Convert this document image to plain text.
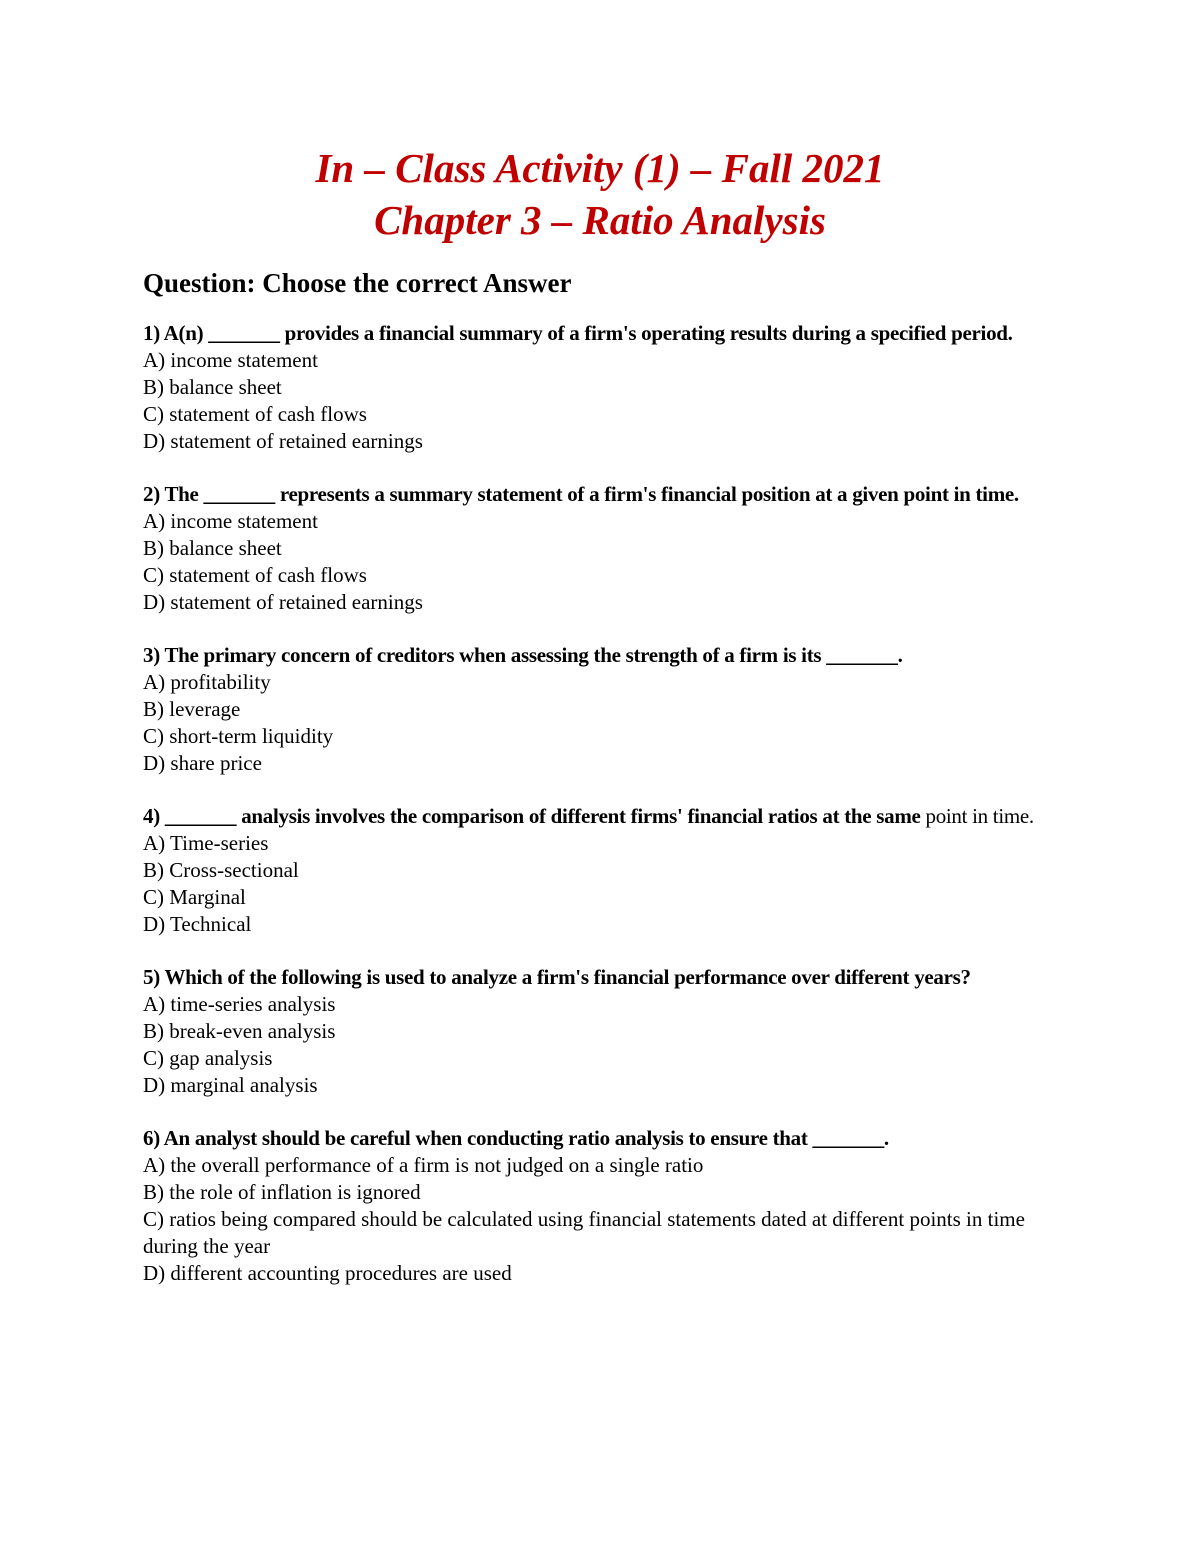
In – Class Activity (1) – Fall 2021
Chapter 3 – Ratio Analysis
Question: Choose the correct Answer
1) A(n) _______ provides a financial summary of a firm's operating results during a specified period.
A) income statement
B) balance sheet
C) statement of cash flows
D) statement of retained earnings
2) The _______ represents a summary statement of a firm's financial position at a given point in time.
A) income statement
B) balance sheet
C) statement of cash flows
D) statement of retained earnings
3) The primary concern of creditors when assessing the strength of a firm is its _______.
A) profitability
B) leverage
C) short-term liquidity
D) share price
4) _______ analysis involves the comparison of different firms' financial ratios at the same point in time.
A) Time-series
B) Cross-sectional
C) Marginal
D) Technical
5) Which of the following is used to analyze a firm's financial performance over different years?
A) time-series analysis
B) break-even analysis
C) gap analysis
D) marginal analysis
6) An analyst should be careful when conducting ratio analysis to ensure that _______.
A) the overall performance of a firm is not judged on a single ratio
B) the role of inflation is ignored
C) ratios being compared should be calculated using financial statements dated at different points in time during the year
D) different accounting procedures are used
